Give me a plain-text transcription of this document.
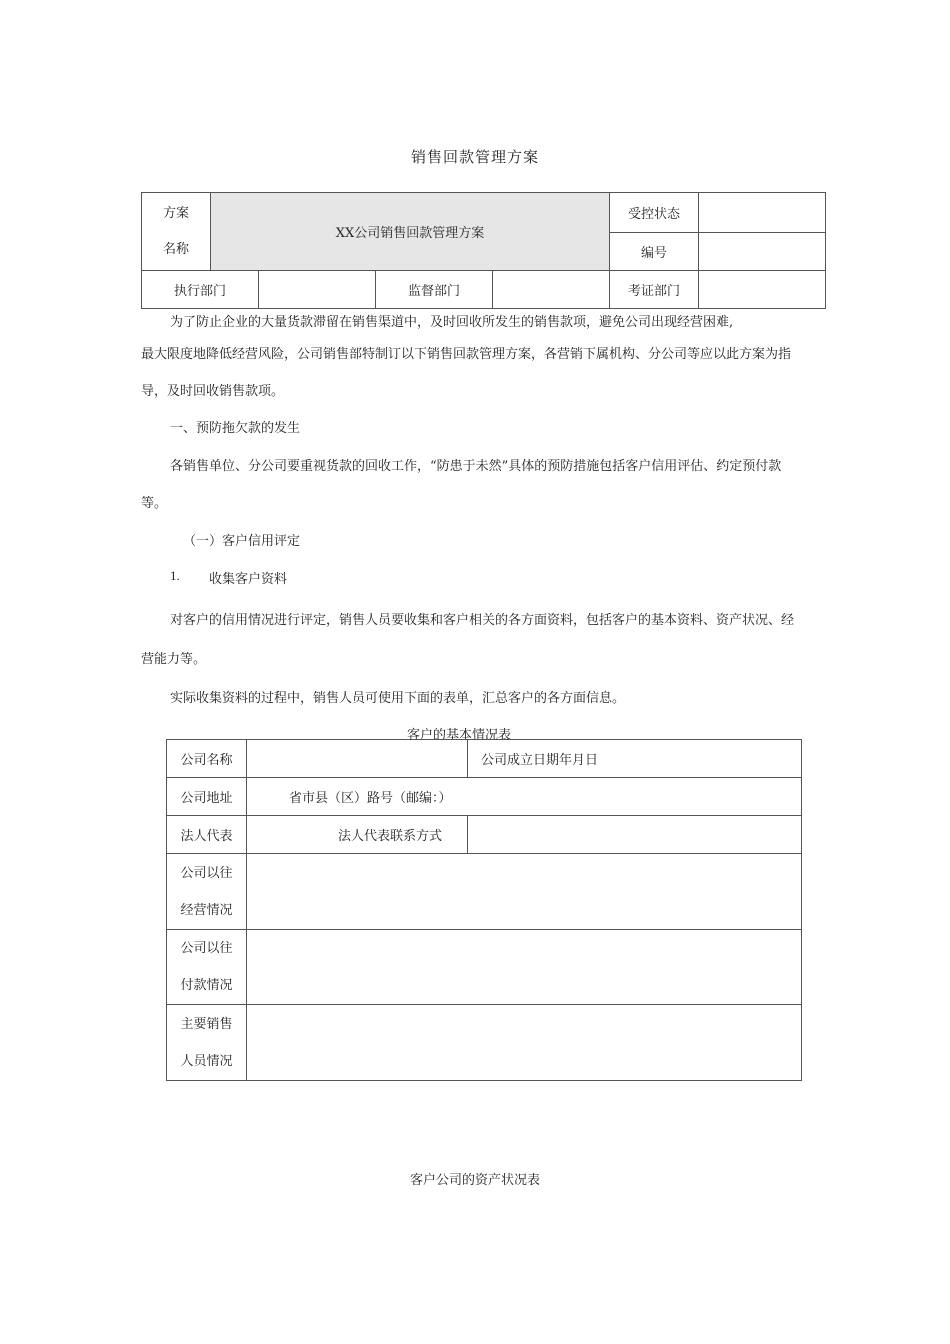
销售回款管理方案
方案
名称	XX公司销售回款管理方案				受控状态	
					编号	
执行部门			监督部门		考证部门	
为了防止企业的大量货款滞留在销售渠道中，及时回收所发生的销售款项，避免公司出现经营困难,
最大限度地降低经营风险，公司销售部特制订以下销售回款管理方案，各营销下属机构、分公司等应以此方案为指
导，及时回收销售款项。
一、预防拖欠款的发生
各销售单位、分公司要重视货款的回收工作，“防患于未然”具体的预防措施包括客户信用评估、约定预付款
等。
（一）客户信用评定
1. 收集客户资料
对客户的信用情况进行评定，销售人员要收集和客户相关的各方面资料，包括客户的基本资料、资产状况、经
营能力等。
实际收集资料的过程中，销售人员可使用下面的表单，汇总客户的各方面信息。
客户的基本情况表
公司名称		公司成立日期年月日
公司地址	省市县（区）路号（邮编：）	
法人代表	法人代表联系方式	

公司以往
经营情况		

公司以往
付款情况		

主要销售
人员情况		

客户公司的资产状况表
